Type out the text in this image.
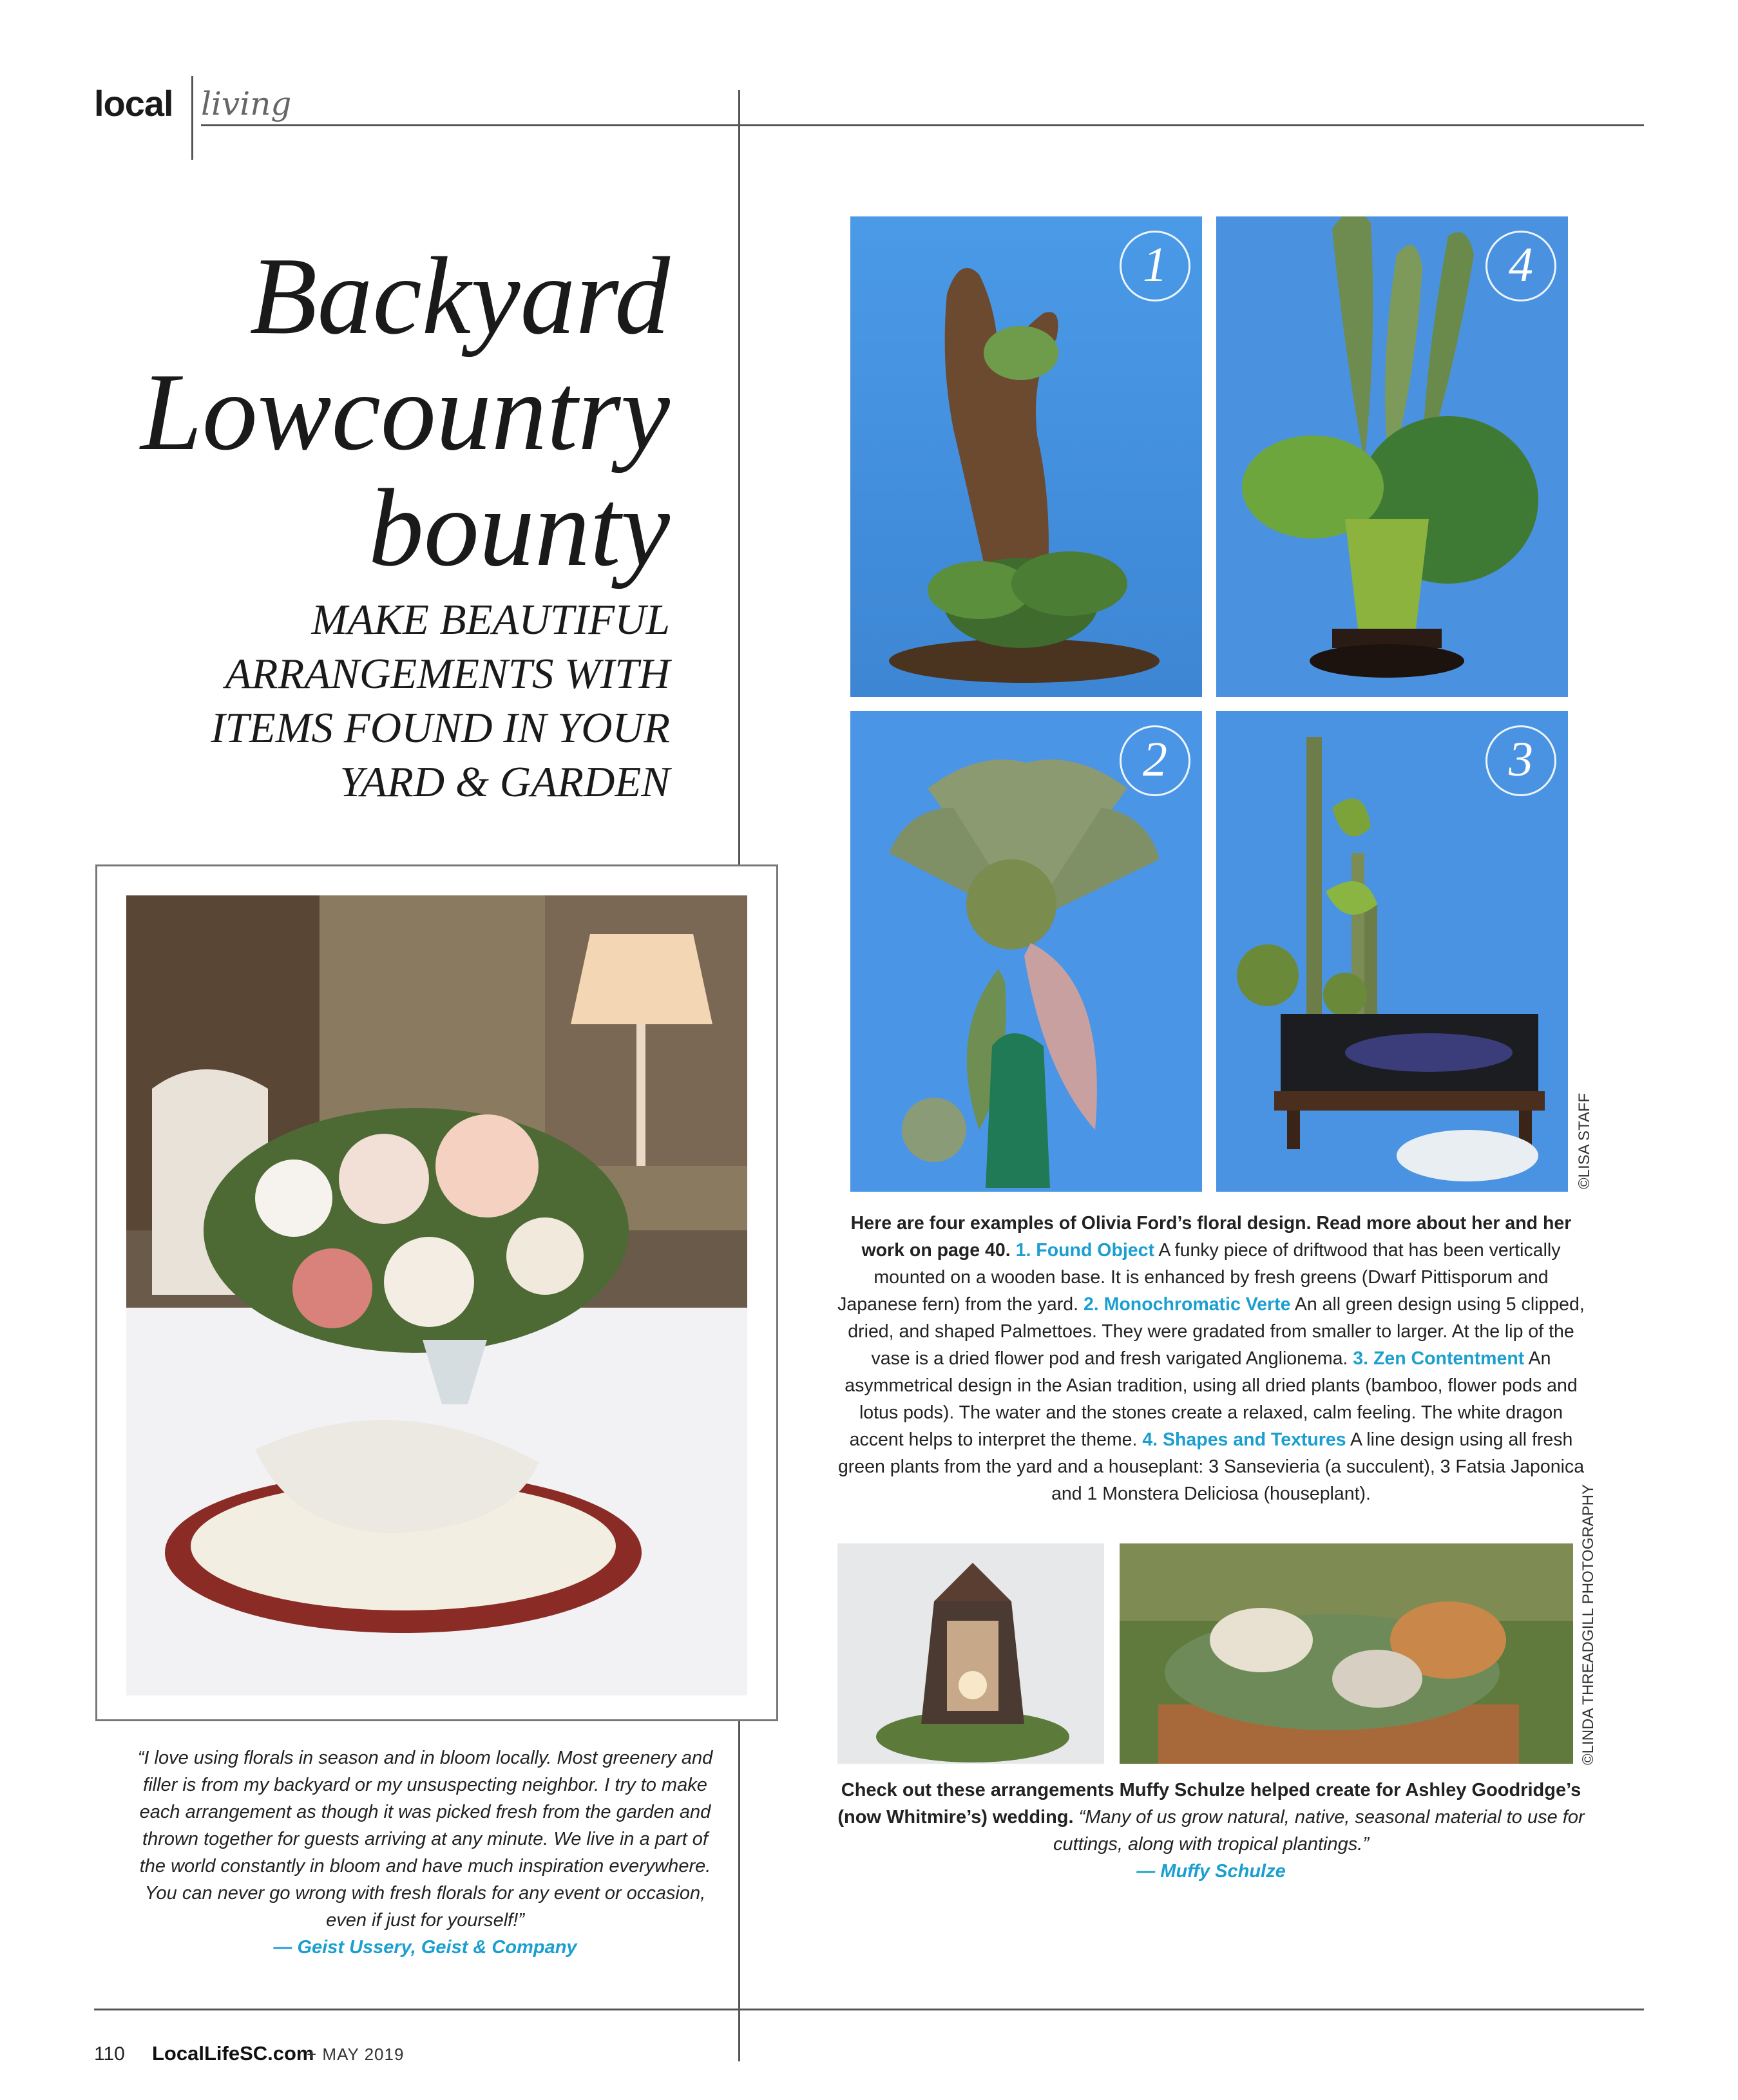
local living
Backyard
Lowcountry
bounty
MAKE BEAUTIFUL
ARRANGEMENTS WITH
ITEMS FOUND IN YOUR
YARD & GARDEN
1	4
2	3
©LISA STAFF
Here are four examples of Olivia Ford’s floral design. Read more about her and her work on page 40. 1. Found Object A funky piece of driftwood that has been vertically mounted on a wooden base. It is enhanced by fresh greens (Dwarf Pittisporum and Japanese fern) from the yard. 2. Monochromatic Verte An all green design using 5 clipped, dried, and shaped Palmettoes. They were gradated from smaller to larger. At the lip of the vase is a dried flower pod and fresh varigated Anglionema. 3. Zen Contentment An asymmetrical design in the Asian tradition, using all dried plants (bamboo, flower pods and lotus pods). The water and the stones create a relaxed, calm feeling. The white dragon accent helps to interpret the theme. 4. Shapes and Textures A line design using all fresh green plants from the yard and a houseplant: 3 Sansevieria (a succulent), 3 Fatsia Japonica and 1 Monstera Deliciosa (houseplant).
“I love using florals in season and in bloom locally. Most greenery and filler is from my backyard or my unsuspecting neighbor. I try to make each arrangement as though it was picked fresh from the garden and thrown together for guests arriving at any minute. We live in a part of the world constantly in bloom and have much inspiration everywhere. You can never go wrong with fresh florals for any event or occasion, even if just for yourself!”
— Geist Ussery, Geist & Company
©LINDA THREADGILL PHOTOGRAPHY
Check out these arrangements Muffy Schulze helped create for Ashley Goodridge’s (now Whitmire’s) wedding. “Many of us grow natural, native, seasonal material to use for cuttings, along with tropical plantings.”
— Muffy Schulze
110 LocalLifeSC.com
+ MAY 2019
